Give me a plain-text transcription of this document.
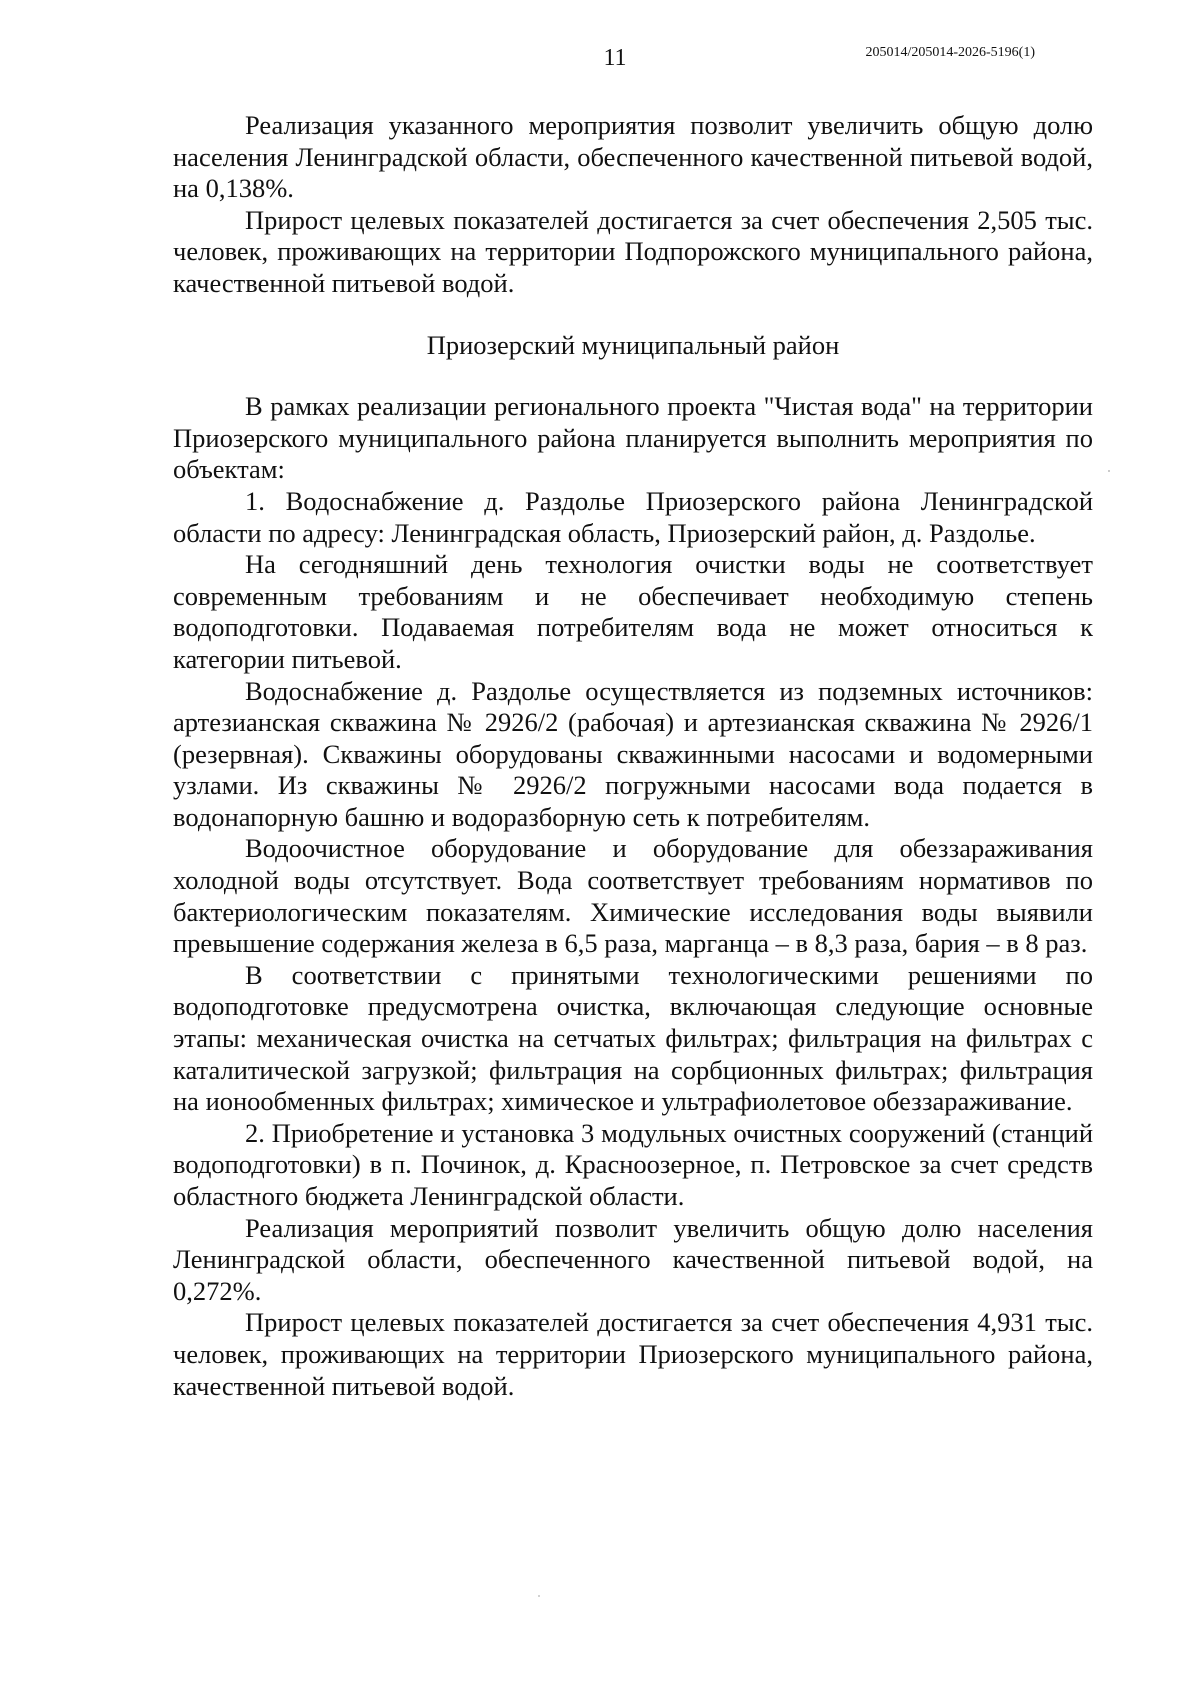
11	205014/205014-2026-5196(1)

Реализация указанного мероприятия позволит увеличить общую долю населения Ленинградской области, обеспеченного качественной питьевой водой, на 0,138%.

Прирост целевых показателей достигается за счет обеспечения 2,505 тыс. человек, проживающих на территории Подпорожского муниципального района, качественной питьевой водой.

Приозерский муниципальный район

В рамках реализации регионального проекта "Чистая вода" на территории Приозерского муниципального района планируется выполнить мероприятия по объектам:

1. Водоснабжение д. Раздолье Приозерского района Ленинградской области по адресу: Ленинградская область, Приозерский район, д. Раздолье.

На сегодняшний день технология очистки воды не соответствует современным требованиям и не обеспечивает необходимую степень водоподготовки. Подаваемая потребителям вода не может относиться к категории питьевой.

Водоснабжение д. Раздолье осуществляется из подземных источников: артезианская скважина № 2926/2 (рабочая) и артезианская скважина № 2926/1 (резервная). Скважины оборудованы скважинными насосами и водомерными узлами. Из скважины № 2926/2 погружными насосами вода подается в водонапорную башню и водоразборную сеть к потребителям.

Водоочистное оборудование и оборудование для обеззараживания холодной воды отсутствует. Вода соответствует требованиям нормативов по бактериологическим показателям. Химические исследования воды выявили превышение содержания железа в 6,5 раза, марганца – в 8,3 раза, бария – в 8 раз.

В соответствии с принятыми технологическими решениями по водоподготовке предусмотрена очистка, включающая следующие основные этапы: механическая очистка на сетчатых фильтрах; фильтрация на фильтрах с каталитической загрузкой; фильтрация на сорбционных фильтрах; фильтрация на ионообменных фильтрах; химическое и ультрафиолетовое обеззараживание.

2. Приобретение и установка 3 модульных очистных сооружений (станций водоподготовки) в п. Починок, д. Красноозерное, п. Петровское за счет средств областного бюджета Ленинградской области.

Реализация мероприятий позволит увеличить общую долю населения Ленинградской области, обеспеченного качественной питьевой водой, на 0,272%.

Прирост целевых показателей достигается за счет обеспечения 4,931 тыс. человек, проживающих на территории Приозерского муниципального района, качественной питьевой водой.
